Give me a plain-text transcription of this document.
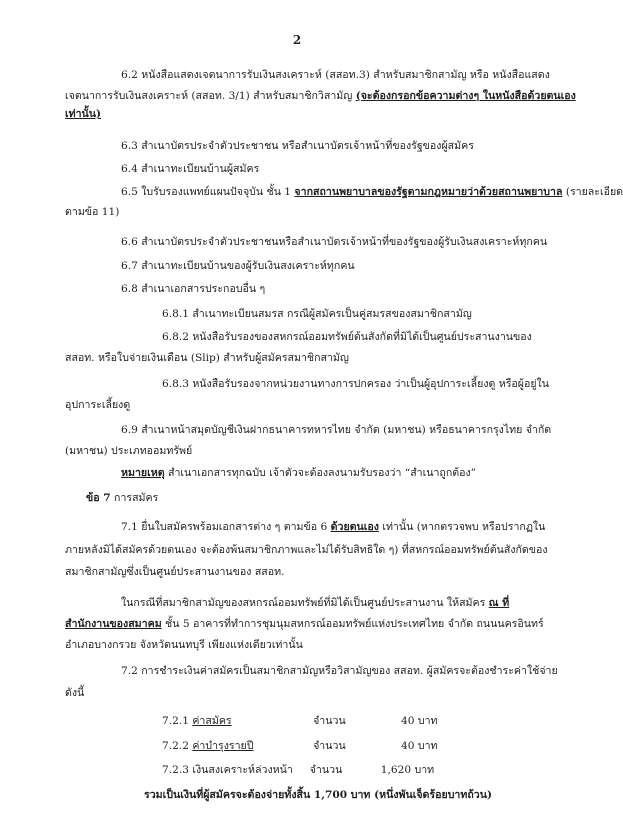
2
6.2 หนังสือแสดงเจตนาการรับเงินสงเคราะห์ (สสอท.3) สำหรับสมาชิกสามัญ หรือ หนังสือแสดง
เจตนาการรับเงินสงเคราะห์ (สสอท. 3/1) สำหรับสมาชิกวิสามัญ (จะต้องกรอกข้อความต่างๆ ในหนังสือด้วยตนเอง
เท่านั้น)
6.3 สำเนาบัตรประจำตัวประชาชน หรือสำเนาบัตรเจ้าหน้าที่ของรัฐของผู้สมัคร
6.4 สำเนาทะเบียนบ้านผู้สมัคร
6.5 ใบรับรองแพทย์แผนปัจจุบัน ชั้น 1 จากสถานพยาบาลของรัฐตามกฎหมายว่าด้วยสถานพยาบาล (รายละเอียด
ตามข้อ 11)
6.6 สำเนาบัตรประจำตัวประชาชนหรือสำเนาบัตรเจ้าหน้าที่ของรัฐของผู้รับเงินสงเคราะห์ทุกคน
6.7 สำเนาทะเบียนบ้านของผู้รับเงินสงเคราะห์ทุกคน
6.8 สำเนาเอกสารประกอบอื่น ๆ
6.8.1 สำเนาทะเบียนสมรส กรณีผู้สมัครเป็นคู่สมรสของสมาชิกสามัญ
6.8.2 หนังสือรับรองของสหกรณ์ออมทรัพย์ต้นสังกัดที่มิได้เป็นศูนย์ประสานงานของ
สสอท. หรือใบจ่ายเงินเดือน (Slip) สำหรับผู้สมัครสมาชิกสามัญ
6.8.3 หนังสือรับรองจากหน่วยงานทางการปกครอง ว่าเป็นผู้อุปการะเลี้ยงดู หรือผู้อยู่ใน
อุปการะเลี้ยงดู
6.9 สำเนาหน้าสมุดบัญชีเงินฝากธนาคารทหารไทย จำกัด (มหาชน) หรือธนาคารกรุงไทย จำกัด
(มหาชน) ประเภทออมทรัพย์
หมายเหตุ สำเนาเอกสารทุกฉบับ เจ้าตัวจะต้องลงนามรับรองว่า “สำเนาถูกต้อง”
ข้อ 7 การสมัคร
7.1 ยื่นใบสมัครพร้อมเอกสารต่าง ๆ ตามข้อ 6 ด้วยตนเอง เท่านั้น (หากตรวจพบ หรือปรากฏใน
ภายหลังมิได้สมัครด้วยตนเอง จะต้องพ้นสมาชิกภาพและไม่ได้รับสิทธิใด ๆ) ที่สหกรณ์ออมทรัพย์ต้นสังกัดของ
สมาชิกสามัญซึ่งเป็นศูนย์ประสานงานของ สสอท.
ในกรณีที่สมาชิกสามัญของสหกรณ์ออมทรัพย์ที่มิได้เป็นศูนย์ประสานงาน ให้สมัคร ณ ที่
สำนักงานของสมาคม ชั้น 5 อาคารที่ทำการชุมนุมสหกรณ์ออมทรัพย์แห่งประเทศไทย จำกัด ถนนนครอินทร์
อำเภอบางกรวย จังหวัดนนทบุรี เพียงแห่งเดียวเท่านั้น
7.2 การชำระเงินค่าสมัครเป็นสมาชิกสามัญหรือวิสามัญของ สสอท. ผู้สมัครจะต้องชำระค่าใช้จ่าย
ดังนี้
7.2.1 ค่าสมัคร	จำนวน	40 บาท
7.2.2 ค่าบำรุงรายปี	จำนวน	40 บาท
7.2.3 เงินสงเคราะห์ล่วงหน้า จำนวน	1,620 บาท
รวมเป็นเงินที่ผู้สมัครจะต้องจ่ายทั้งสิ้น 1,700 บาท (หนึ่งพันเจ็ดร้อยบาทถ้วน)
